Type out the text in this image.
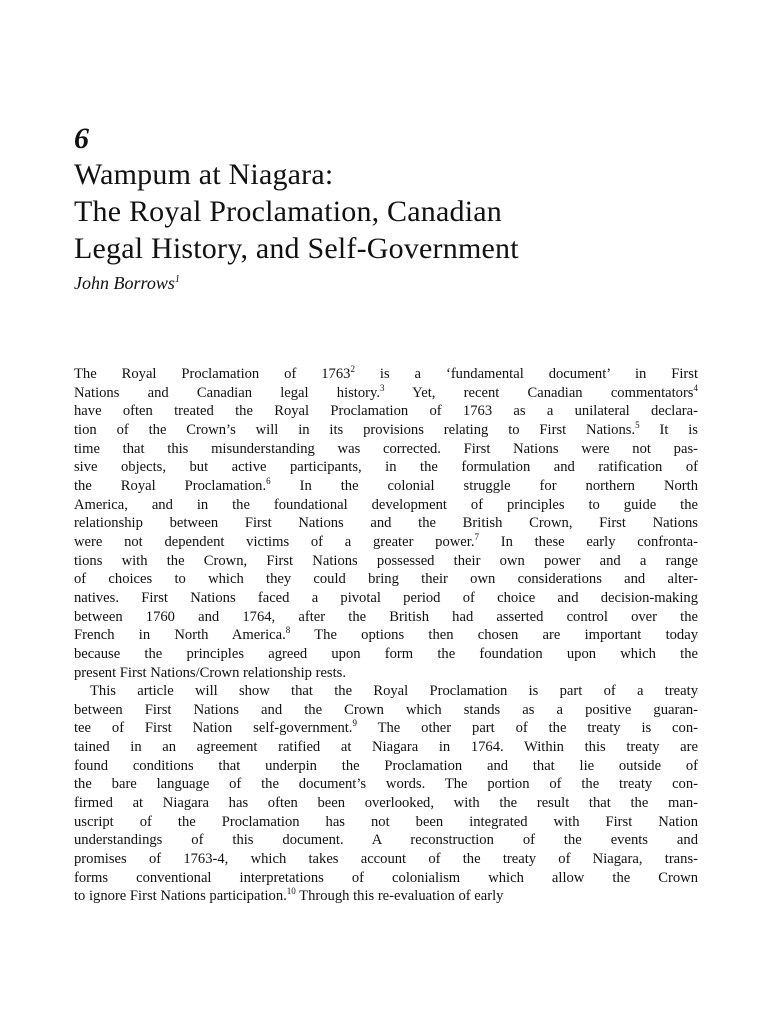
6
Wampum at Niagara:
The Royal Proclamation, Canadian
Legal History, and Self-Government
John Borrows$^1$
The Royal Proclamation of 1763$^2$ is a ‘fundamental document’ in First
Nations and Canadian legal history.$^3$ Yet, recent Canadian commentators$^4$
have often treated the Royal Proclamation of 1763 as a unilateral declara-
tion of the Crown’s will in its provisions relating to First Nations.$^5$ It is
time that this misunderstanding was corrected. First Nations were not pas-
sive objects, but active participants, in the formulation and ratification of
the Royal Proclamation.$^6$ In the colonial struggle for northern North
America, and in the foundational development of principles to guide the
relationship between First Nations and the British Crown, First Nations
were not dependent victims of a greater power.$^7$ In these early confronta-
tions with the Crown, First Nations possessed their own power and a range
of choices to which they could bring their own considerations and alter-
natives. First Nations faced a pivotal period of choice and decision-making
between 1760 and 1764, after the British had asserted control over the
French in North America.$^8$ The options then chosen are important today
because the principles agreed upon form the foundation upon which the
present First Nations/Crown relationship rests.
This article will show that the Royal Proclamation is part of a treaty
between First Nations and the Crown which stands as a positive guaran-
tee of First Nation self-government.$^9$ The other part of the treaty is con-
tained in an agreement ratified at Niagara in 1764. Within this treaty are
found conditions that underpin the Proclamation and that lie outside of
the bare language of the document’s words. The portion of the treaty con-
firmed at Niagara has often been overlooked, with the result that the man-
uscript of the Proclamation has not been integrated with First Nation
understandings of this document. A reconstruction of the events and
promises of 1763-4, which takes account of the treaty of Niagara, trans-
forms conventional interpretations of colonialism which allow the Crown
to ignore First Nations participation.$^{10}$ Through this re-evaluation of early
